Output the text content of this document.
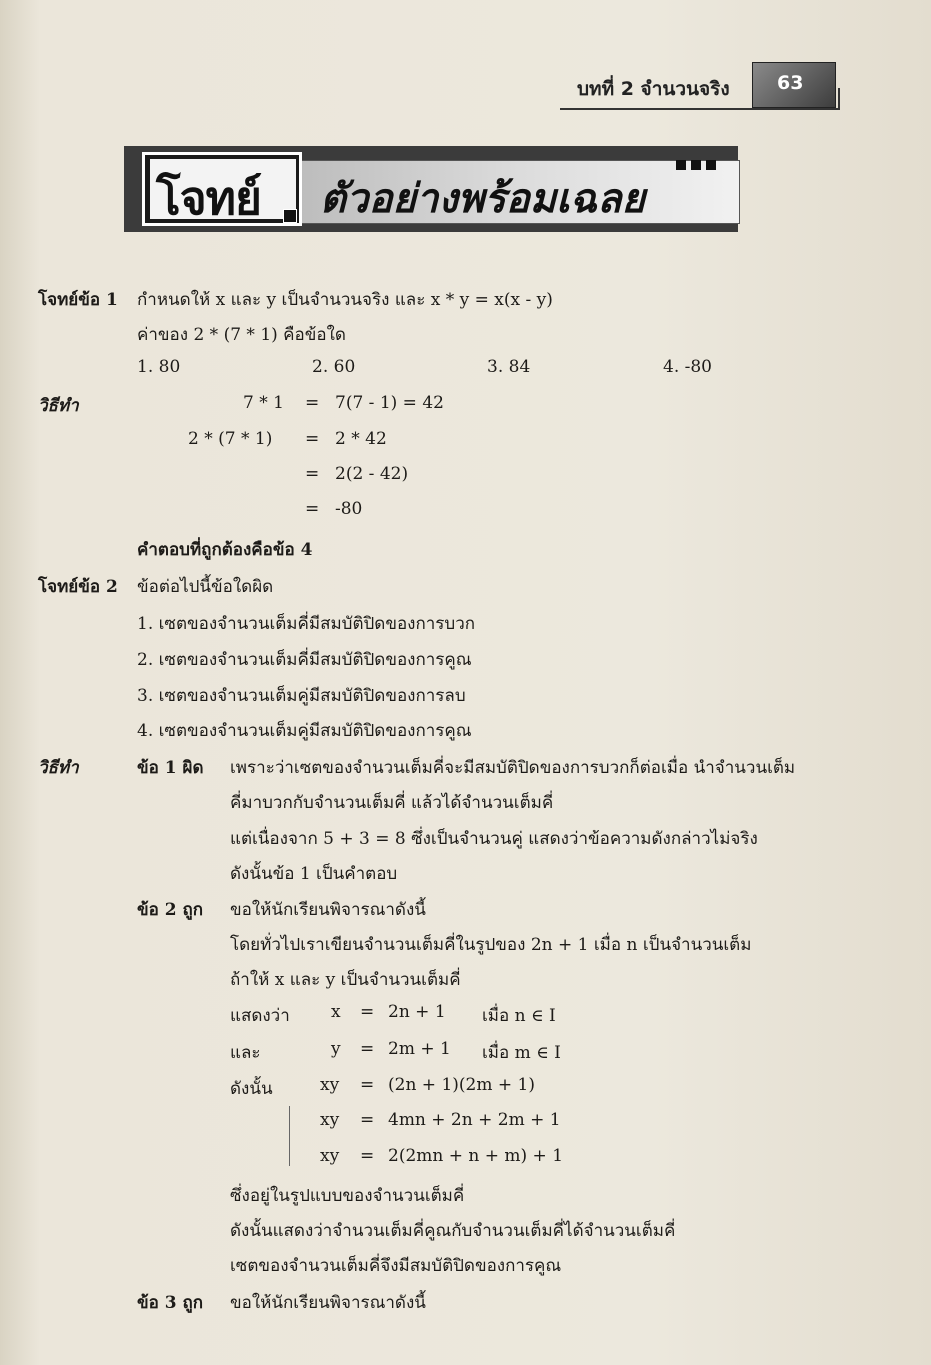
บทที่ 2 จำนวนจริง 63
โจทย์ ตัวอย่างพร้อมเฉลย
โจทย์ข้อ 1 กำหนดให้ x และ y เป็นจำนวนจริง และ x * y = x(x - y)
ค่าของ 2 * (7 * 1) คือข้อใด
1. 80	2. 60	3. 84	4. -80
วิธีทำ	7 * 1 = 7(7 - 1) = 42
2 * (7 * 1) = 2 * 42
= 2(2 - 42)
= -80
คำตอบที่ถูกต้องคือข้อ 4
โจทย์ข้อ 2 ข้อต่อไปนี้ข้อใดผิด
1. เซตของจำนวนเต็มคี่มีสมบัติปิดของการบวก
2. เซตของจำนวนเต็มคี่มีสมบัติปิดของการคูณ
3. เซตของจำนวนเต็มคู่มีสมบัติปิดของการลบ
4. เซตของจำนวนเต็มคู่มีสมบัติปิดของการคูณ
วิธีทำ	ข้อ 1 ผิด เพราะว่าเซตของจำนวนเต็มคี่จะมีสมบัติปิดของการบวกก็ต่อเมื่อ นำจำนวนเต็ม
คี่มาบวกกับจำนวนเต็มคี่ แล้วได้จำนวนเต็มคี่
แต่เนื่องจาก 5 + 3 = 8 ซึ่งเป็นจำนวนคู่ แสดงว่าข้อความดังกล่าวไม่จริง
ดังนั้นข้อ 1 เป็นคำตอบ
ข้อ 2 ถูก ขอให้นักเรียนพิจารณาดังนี้
โดยทั่วไปเราเขียนจำนวนเต็มคี่ในรูปของ 2n + 1 เมื่อ n เป็นจำนวนเต็ม
ถ้าให้ x และ y เป็นจำนวนเต็มคี่
แสดงว่า x = 2n + 1 เมื่อ n ∈ I
และ	y = 2m + 1 เมื่อ m ∈ I
ดังนั้น	xy = (2n + 1)(2m + 1)
xy = 4mn + 2n + 2m + 1
xy = 2(2mn + n + m) + 1
ซึ่งอยู่ในรูปแบบของจำนวนเต็มคี่
ดังนั้นแสดงว่าจำนวนเต็มคี่คูณกับจำนวนเต็มคี่ได้จำนวนเต็มคี่
เซตของจำนวนเต็มคี่จึงมีสมบัติปิดของการคูณ
ข้อ 3 ถูก ขอให้นักเรียนพิจารณาดังนี้
